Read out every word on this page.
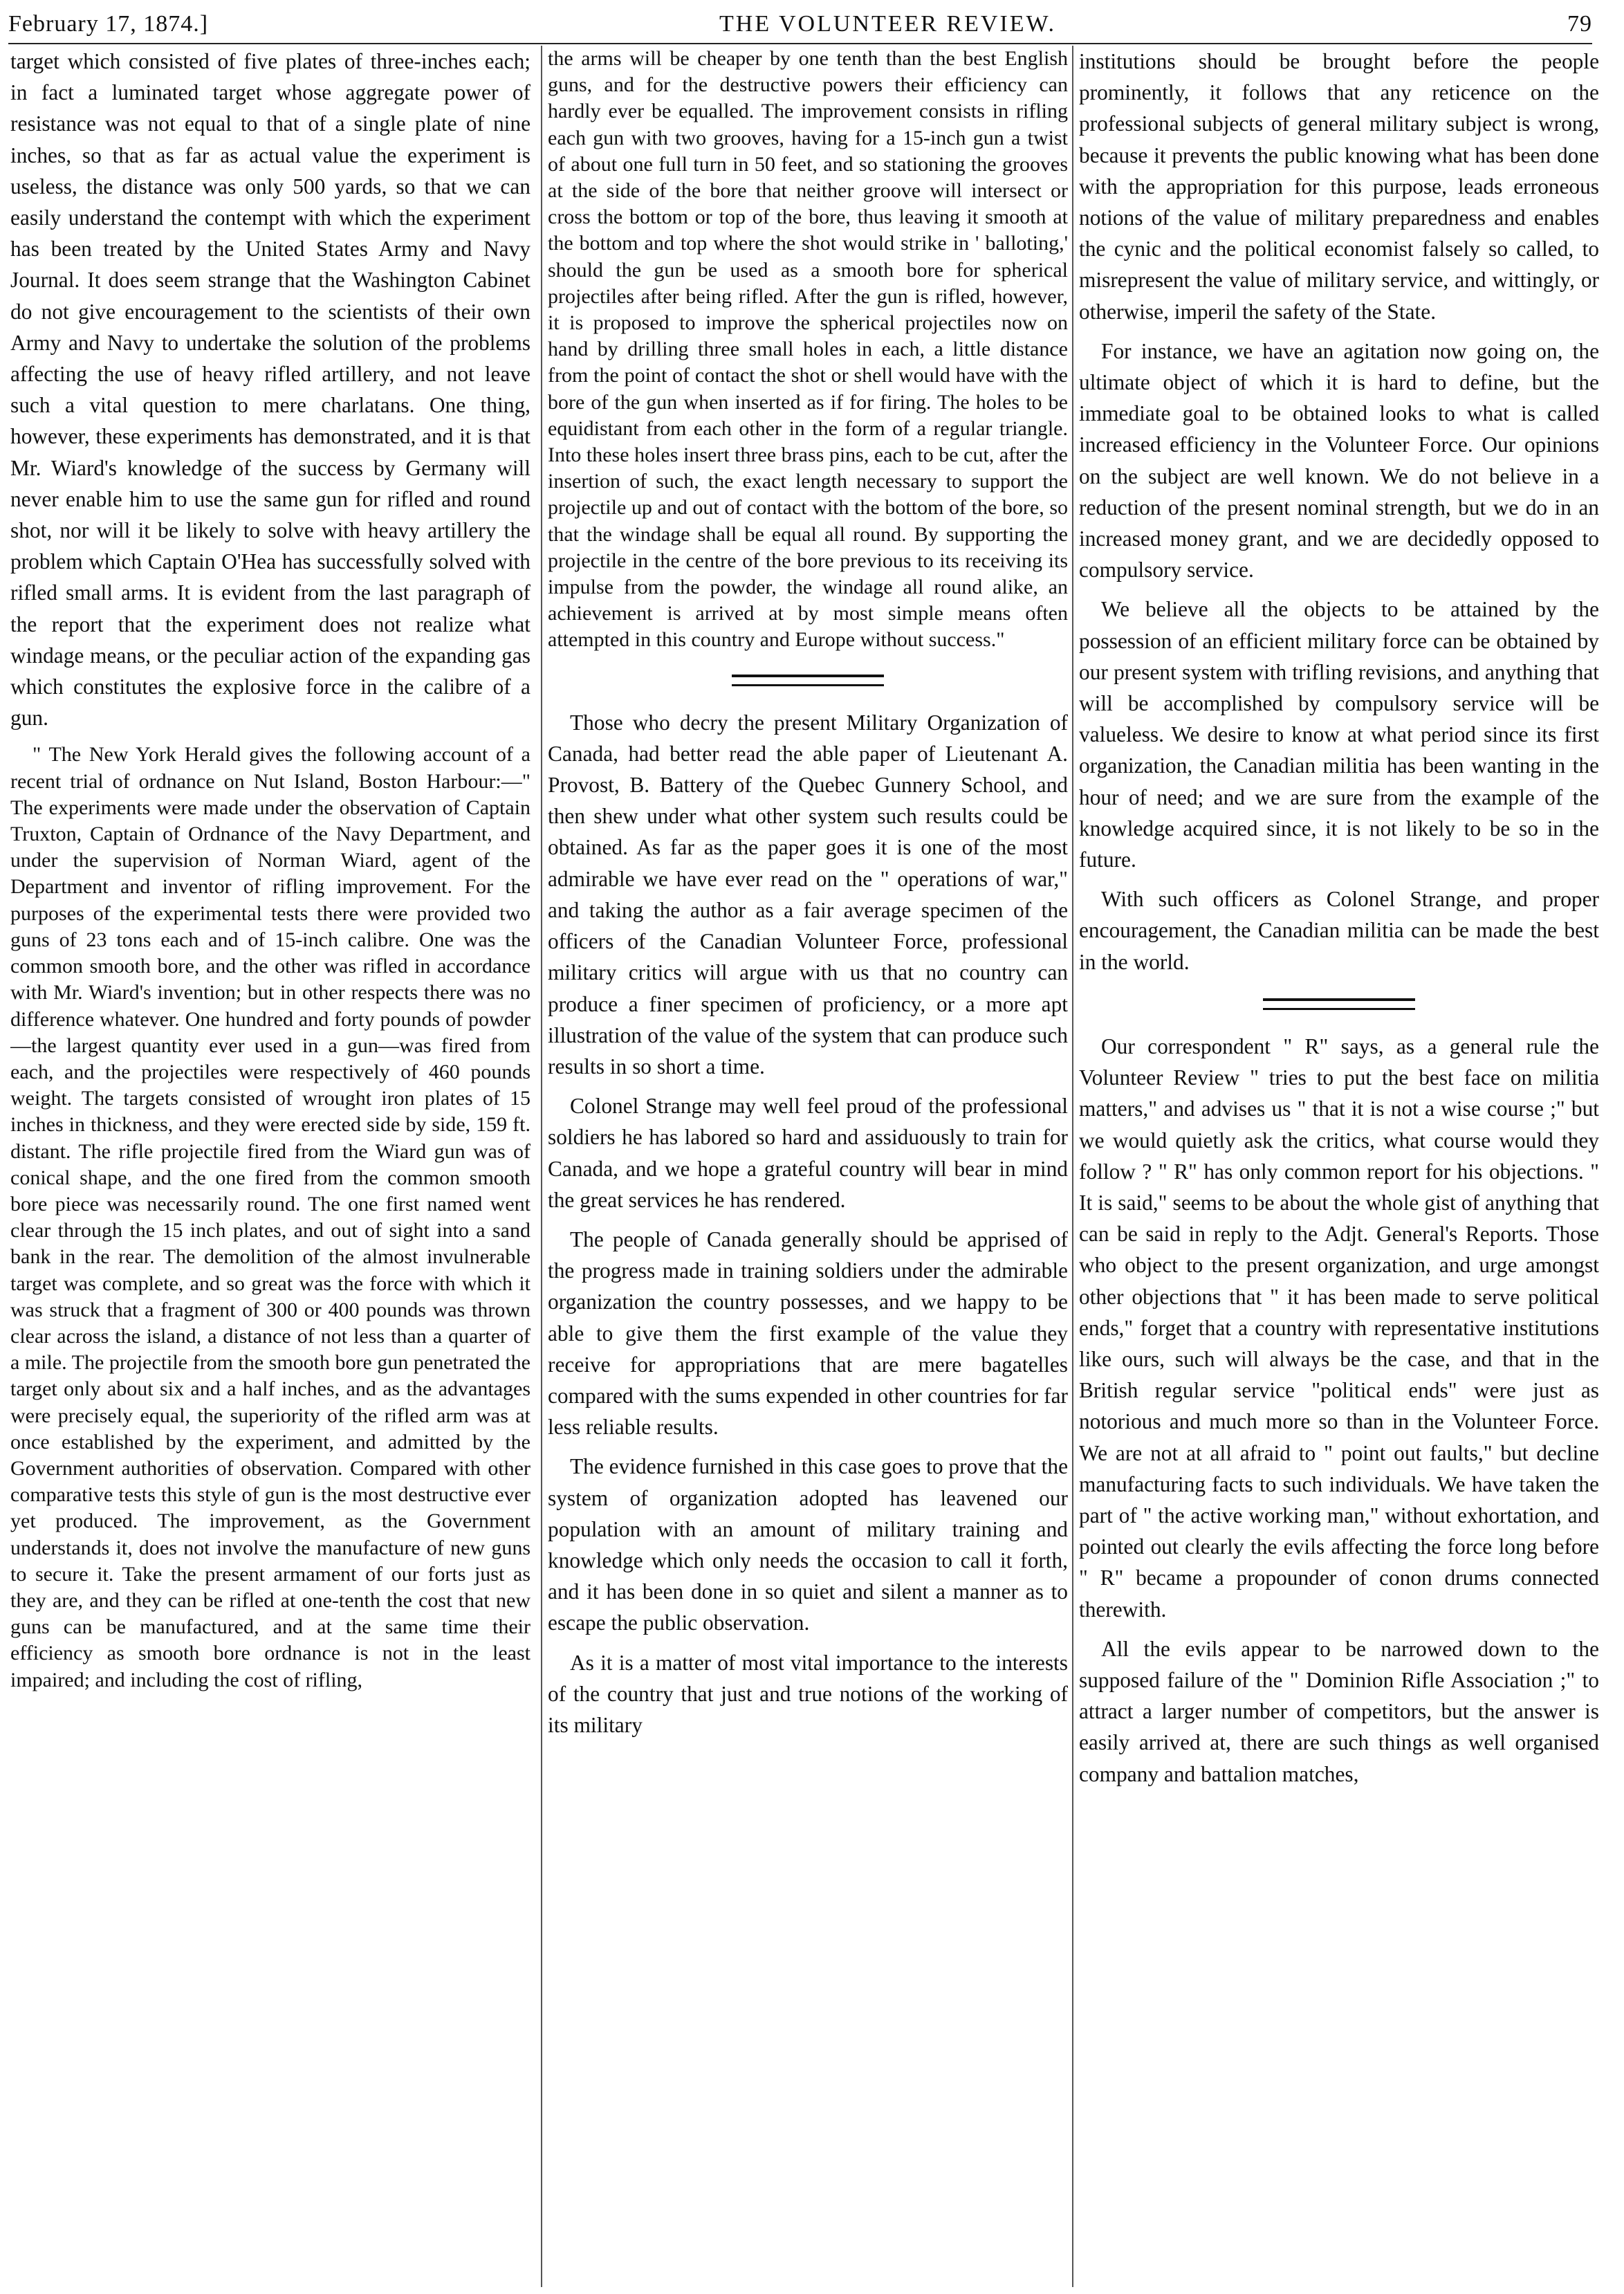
February 17, 1874.]	THE VOLUNTEER REVIEW.	79

target which consisted of five plates of three-inches each; in fact a luminated target whose aggregate power of resistance was not equal to that of a single plate of nine inches, so that as far as actual value the experiment is useless, the distance was only 500 yards, so that we can easily understand the contempt with which the experiment has been treated by the United States Army and Navy Journal. It does seem strange that the Washington Cabinet do not give encouragement to the scientists of their own Army and Navy to undertake the solution of the problems affecting the use of heavy rifled artillery, and not leave such a vital question to mere charlatans. One thing, however, these experiments has demonstrated, and it is that Mr. Wiard's knowledge of the success by Germany will never enable him to use the same gun for rifled and round shot, nor will it be likely to solve with heavy artillery the problem which Captain O'Hea has successfully solved with rifled small arms. It is evident from the last paragraph of the report that the experiment does not realize what windage means, or the peculiar action of the expanding gas which constitutes the explosive force in the calibre of a gun.

" The New York Herald gives the following account of a recent trial of ordnance on Nut Island, Boston Harbour:—" The experiments were made under the observation of Captain Truxton, Captain of Ordnance of the Navy Department, and under the supervision of Norman Wiard, agent of the Department and inventor of rifling improvement. For the purposes of the experimental tests there were provided two guns of 23 tons each and of 15-inch calibre. One was the common smooth bore, and the other was rifled in accordance with Mr. Wiard's invention; but in other respects there was no difference whatever. One hundred and forty pounds of powder—the largest quantity ever used in a gun—was fired from each, and the projectiles were respectively of 460 pounds weight. The targets consisted of wrought iron plates of 15 inches in thickness, and they were erected side by side, 159 ft. distant. The rifle projectile fired from the Wiard gun was of conical shape, and the one fired from the common smooth bore piece was necessarily round. The one first named went clear through the 15 inch plates, and out of sight into a sand bank in the rear. The demolition of the almost invulnerable target was complete, and so great was the force with which it was struck that a fragment of 300 or 400 pounds was thrown clear across the island, a distance of not less than a quarter of a mile. The projectile from the smooth bore gun penetrated the target only about six and a half inches, and as the advantages were precisely equal, the superiority of the rifled arm was at once established by the experiment, and admitted by the Government authorities of observation. Compared with other comparative tests this style of gun is the most destructive ever yet produced. The improvement, as the Government understands it, does not involve the manufacture of new guns to secure it. Take the present armament of our forts just as they are, and they can be rifled at one-tenth the cost that new guns can be manufactured, and at the same time their efficiency as smooth bore ordnance is not in the least impaired; and including the cost of rifling,

the arms will be cheaper by one tenth than the best English guns, and for the destructive powers their efficiency can hardly ever be equalled. The improvement consists in rifling each gun with two grooves, having for a 15-inch gun a twist of about one full turn in 50 feet, and so stationing the grooves at the side of the bore that neither groove will intersect or cross the bottom or top of the bore, thus leaving it smooth at the bottom and top where the shot would strike in ' balloting,' should the gun be used as a smooth bore for spherical projectiles after being rifled. After the gun is rifled, however, it is proposed to improve the spherical projectiles now on hand by drilling three small holes in each, a little distance from the point of contact the shot or shell would have with the bore of the gun when inserted as if for firing. The holes to be equidistant from each other in the form of a regular triangle. Into these holes insert three brass pins, each to be cut, after the insertion of such, the exact length necessary to support the projectile up and out of contact with the bottom of the bore, so that the windage shall be equal all round. By supporting the projectile in the centre of the bore previous to its receiving its impulse from the powder, the windage all round alike, an achievement is arrived at by most simple means often attempted in this country and Europe without success."

Those who decry the present Military Organization of Canada, had better read the able paper of Lieutenant A. Provost, B. Battery of the Quebec Gunnery School, and then shew under what other system such results could be obtained. As far as the paper goes it is one of the most admirable we have ever read on the " operations of war," and taking the author as a fair average specimen of the officers of the Canadian Volunteer Force, professional military critics will argue with us that no country can produce a finer specimen of proficiency, or a more apt illustration of the value of the system that can produce such results in so short a time.

Colonel Strange may well feel proud of the professional soldiers he has labored so hard and assiduously to train for Canada, and we hope a grateful country will bear in mind the great services he has rendered.

The people of Canada generally should be apprised of the progress made in training soldiers under the admirable organization the country possesses, and we happy to be able to give them the first example of the value they receive for appropriations that are mere bagatelles compared with the sums expended in other countries for far less reliable results.

The evidence furnished in this case goes to prove that the system of organization adopted has leavened our population with an amount of military training and knowledge which only needs the occasion to call it forth, and it has been done in so quiet and silent a manner as to escape the public observation.

As it is a matter of most vital importance to the interests of the country that just and true notions of the working of its military

institutions should be brought before the people prominently, it follows that any reticence on the professional subjects of general military subject is wrong, because it prevents the public knowing what has been done with the appropriation for this purpose, leads erroneous notions of the value of military preparedness and enables the cynic and the political economist falsely so called, to misrepresent the value of military service, and wittingly, or otherwise, imperil the safety of the State.

For instance, we have an agitation now going on, the ultimate object of which it is hard to define, but the immediate goal to be obtained looks to what is called increased efficiency in the Volunteer Force. Our opinions on the subject are well known. We do not believe in a reduction of the present nominal strength, but we do in an increased money grant, and we are decidedly opposed to compulsory service.

We believe all the objects to be attained by the possession of an efficient military force can be obtained by our present system with trifling revisions, and anything that will be accomplished by compulsory service will be valueless. We desire to know at what period since its first organization, the Canadian militia has been wanting in the hour of need; and we are sure from the example of the knowledge acquired since, it is not likely to be so in the future.

With such officers as Colonel Strange, and proper encouragement, the Canadian militia can be made the best in the world.

Our correspondent " R" says, as a general rule the Volunteer Review " tries to put the best face on militia matters," and advises us " that it is not a wise course ;" but we would quietly ask the critics, what course would they follow ? " R" has only common report for his objections. " It is said," seems to be about the whole gist of anything that can be said in reply to the Adjt. General's Reports. Those who object to the present organization, and urge amongst other objections that " it has been made to serve political ends," forget that a country with representative institutions like ours, such will always be the case, and that in the British regular service "political ends" were just as notorious and much more so than in the Volunteer Force. We are not at all afraid to " point out faults," but decline manufacturing facts to such individuals. We have taken the part of " the active working man," without exhortation, and pointed out clearly the evils affecting the force long before " R" became a propounder of conon drums connected therewith.

All the evils appear to be narrowed down to the supposed failure of the " Dominion Rifle Association ;" to attract a larger number of competitors, but the answer is easily arrived at, there are such things as well organised company and battalion matches,
